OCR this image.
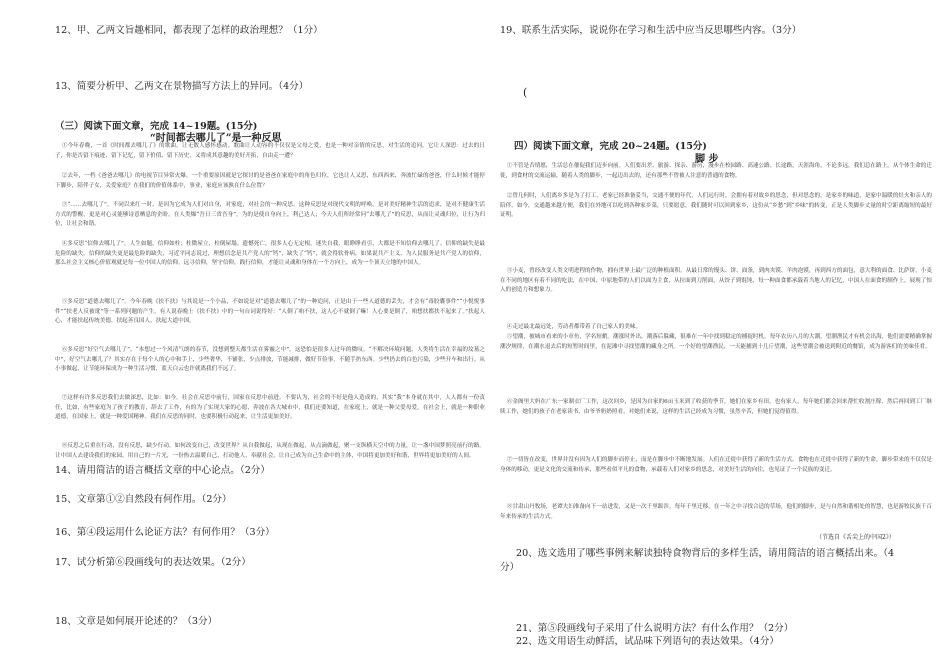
12、甲、乙两文旨趣相同，都表现了怎样的政治理想？（1分）
13、简要分析甲、乙两文在景物描写方法上的异同。（4分）
（三）阅读下面文章，完成 14~19题。(15分)
“时间都去哪儿了”是一种反思

①今年春晚，一首《时间都去哪儿了》的歌曲，让无数人感怀感动。歌曲让人动容的不仅仅是父母之爱，也是一种对亲情的反思，对生活的追问。它让人深思：过去的日子，你是否留下痕迹、留下记忆，留下价值、留下历史，又将成其意趣的美好开拓，自由走一遭？

②去年，一档《爸爸去哪儿》的电视节目异常火爆。一个重要原因就是它探讨的是爸爸在家庭中的角色归位，它也让人又思，东西西来，奔波忙碌的爸爸，什么时候才能停下脚步，陪伴子女，关爱家庭？在我们的价值体系中，事业，家庭应该孰在什么位置？

③“……去哪儿了”，不同以来红一时，是因为它成为人们对自身，对家庭，对社会的一种反思。这种反思是对现代文明的呼唤，是对美好精神生活的追求，是对不健康生活方式的警醒，更是对心灵能够诗意栖息的企盼。在人类爆“吾日三省吾身”，为的是使自身向上，利己达人；今天人们所经常问“去哪儿了”的反思，从而让灵魂归位，让行为归位，让社会和谐。

④多反思“信仰去哪儿了”。人生如题，信仰如柱；柱微屋立，柱倒屋塌。遗憾死亡，很多人心无定根，迷失自我，眼睁睁看引，大都是不知信仰去哪儿了。信仰的缺失是最危险的缺失。信仰的缺失更是最危险的缺失，习近平同志说过，理想信念是共产党人的“钙”，缺失了“钙”，就会得软骨病，如果说共产主义、为人民服务是共产党人的信仰，那么社会主义核心价值观就是每一位中国人的信仰，远寻信仰，坚守信仰，践行信仰，才能让灵魂和身体在一个方向上，成为一个顶天立地的中国人。

⑤多反思“道德去哪儿了”。今年春晚《扶不扶》与其说是一个小品，不如说是对“道德去哪儿了”的一种追问，正是由于一些人道德的丢失，才会有“毒胶囊事件”“小悦悦事件”“扶老人反被讹”等一系列问题的产生。有人说春晚上《扶不扶》中的一句台词说得好：“人倒了咱不扶，这人心不就倒了嘛！人心要是倒了，咱想扶都扶不起来了。”扶起人心，才能扶起传统美德，扶起善良国人，扶起大道中国。

⑥多反思“好空气去哪儿了”。“本想过一个风清气朗的春节，没想到整天都生活在雾霾之中”，这恐怕是很多人过年的微叹。“不解决环境问题，人类将生活在幸福的坟墓之中”，好空气去哪儿了？其实存在于每个人的心中和手上，少些奢华，不铺张，少点排放，节能减排，做好节俭事，不随手扔东西。少些扔去的白色污染，少些开车和出行。从小事做起，让节能环保成为一种生活习惯，蓝天白云也许就离我们不远了。

⑦这样有许多反思我们去做深思，比如：如今，社会在反思中前行，国家在反思中前进。不要认为，社会的不好是他人造成的，其实“我”本身就在其中，人人都有一份责任，比如，有些家庭为了孩子的教育，辞去了工作，有的为了实现大家的心愿，奔波在各大城市中，我们还要知道，在家庭上，就是一种父爱母爱，在社会上，就是一种职业道德。在国家上，就是一种爱国精神。我们在反思的同时，也要积极行动起来，让生活更加美好。

⑧反思之后重在行动，没有反思，缺少行动，如何改变自己，改变世界？从自我做起，从现在做起，从点滴做起，聚一支纵横天空中的力量，让一盏中国梦照亮前行的路。让中国人去建设我们的家园，用自己的一片光，一份热去温暖自己，打动他人，奉献社会，让自己成为自己生命中的主体，中国将更加美好和谐，世界将更加美好的人间。

14、请用简洁的语言概括文章的中心论点。（2分）
15、文章第①②自然段有何作用。（2分）
16、第④段运用什么论证方法？有何作用？（3分）
17、试分析第⑥段画线句的表达效果。（2分）
18、文章是如何展开论述的？（3分）
19、联系生活实际，说说你在学习和生活中应当反思哪些内容。（3分）
(
四）阅读下面文章，完成 20~24题。(15分)
脚 步

①不管是否情愿，生活总在催促我们迈步向前。人们要出差、旅游、探亲、游历，漫步在校园路、高速公路、长途路，天涯海角，不论多远，我们总在路上。从个体生命的迁徙，到食材的交流运输，随着人类的脚步，一起迈出去的，还有那些不曾被人注意的普通的食物。

②曾几何时，人们离乡多是为了打工，老家已经准备妥当，交通不便的年代，人们远行时，会拥有着对故乡的思念，但对思念的，是家乡的味道，是家中温暖的灶火和亲人的陪伴。如今，交通越来越方便，我们在外地可以吃到各种家乡菜，只要愿意，我们随时可以回到家乡，这份从“乡愁”到“乡味”的转变，正是人类脚步丈量的时空距离缩短的最好证明。

③小麦，曾经改变人类文明进程的作物，拥有世界上最广泛的种植面积。从最日常的馒头、饼、面条，到肉夹馍、羊肉泡馍，再到西方的面包，意大利的面食、比萨饼，小麦在不同的地区有着不同的吃法，在中国，中原地带的人们以面为主食，从拉面到刀削面，从饺子到馄饨，每一种面食都承载着当地人的记忆，中国人在面食的制作上，展现了惊人的创造力和想象力。

④走过最北最远处，劳动者都带着了自己家人的美味。

⑤望潮，被城市看来的小章鱼，学名短蛸。潮涨时外出，潮落后躲藏，很难在一年中找到稳定的捕捉时机。每年农历八月的大潮，望潮渔民才有机会出海，他们需要精确掌握潮汐规律，在潮水退去后的短暂时间里，在泥滩中寻找望潮的藏身之所。一个好的望潮渔民，一天能捕到十几斤望潮，这些望潮会被送到附近的餐馆，成为游客们的美味佳肴。

⑥金阁里大妈在广东一家制衣厂工作，这次回乡，是因为自家的6亩玉米到了收获的季节，她们在家乡有田，也有家人，每年她们都会回来帮忙收割庄稼，然后再回到工厂继续工作，她们的孩子在老家读书，由爷爷奶奶照看，对她们来说，这样的生活已经成为习惯，虽然辛苦，但她们觉得值得。

⑦一切皆在改变，世界并没有因为人们的脚步而停止，而是在脚步中不断地发展。人们在迁徙中获得了新的生活方式，食物也在迁徙中获得了新的生命，脚步带来的不仅仅是身体的移动，更是文化的交流和传承，那些看似平凡的食物，承载着人们对家乡的思念，对美好生活的向往，也见证了一个民族的变迁。

⑧甘肃山丹牧场，老谭夫妇准备向下一站进发，又是一次千里跋涉。每年千里迁移，在一年之中寻找合适的草场，他们的脚步，是与自然和谐相处的智慧，也是游牧民族千百年来传承的生活方式。

（节选自《舌尖上的中国2》）
20、选文选用了哪些事例来解读独特食物背后的多样生活，请用简洁的语言概括出来。（4
分）
21、第⑤段画线句子采用了什么说明方法？有什么作用？（2分）
22、选文用语生动鲜活，试品味下列语句的表达效果。（4分）
